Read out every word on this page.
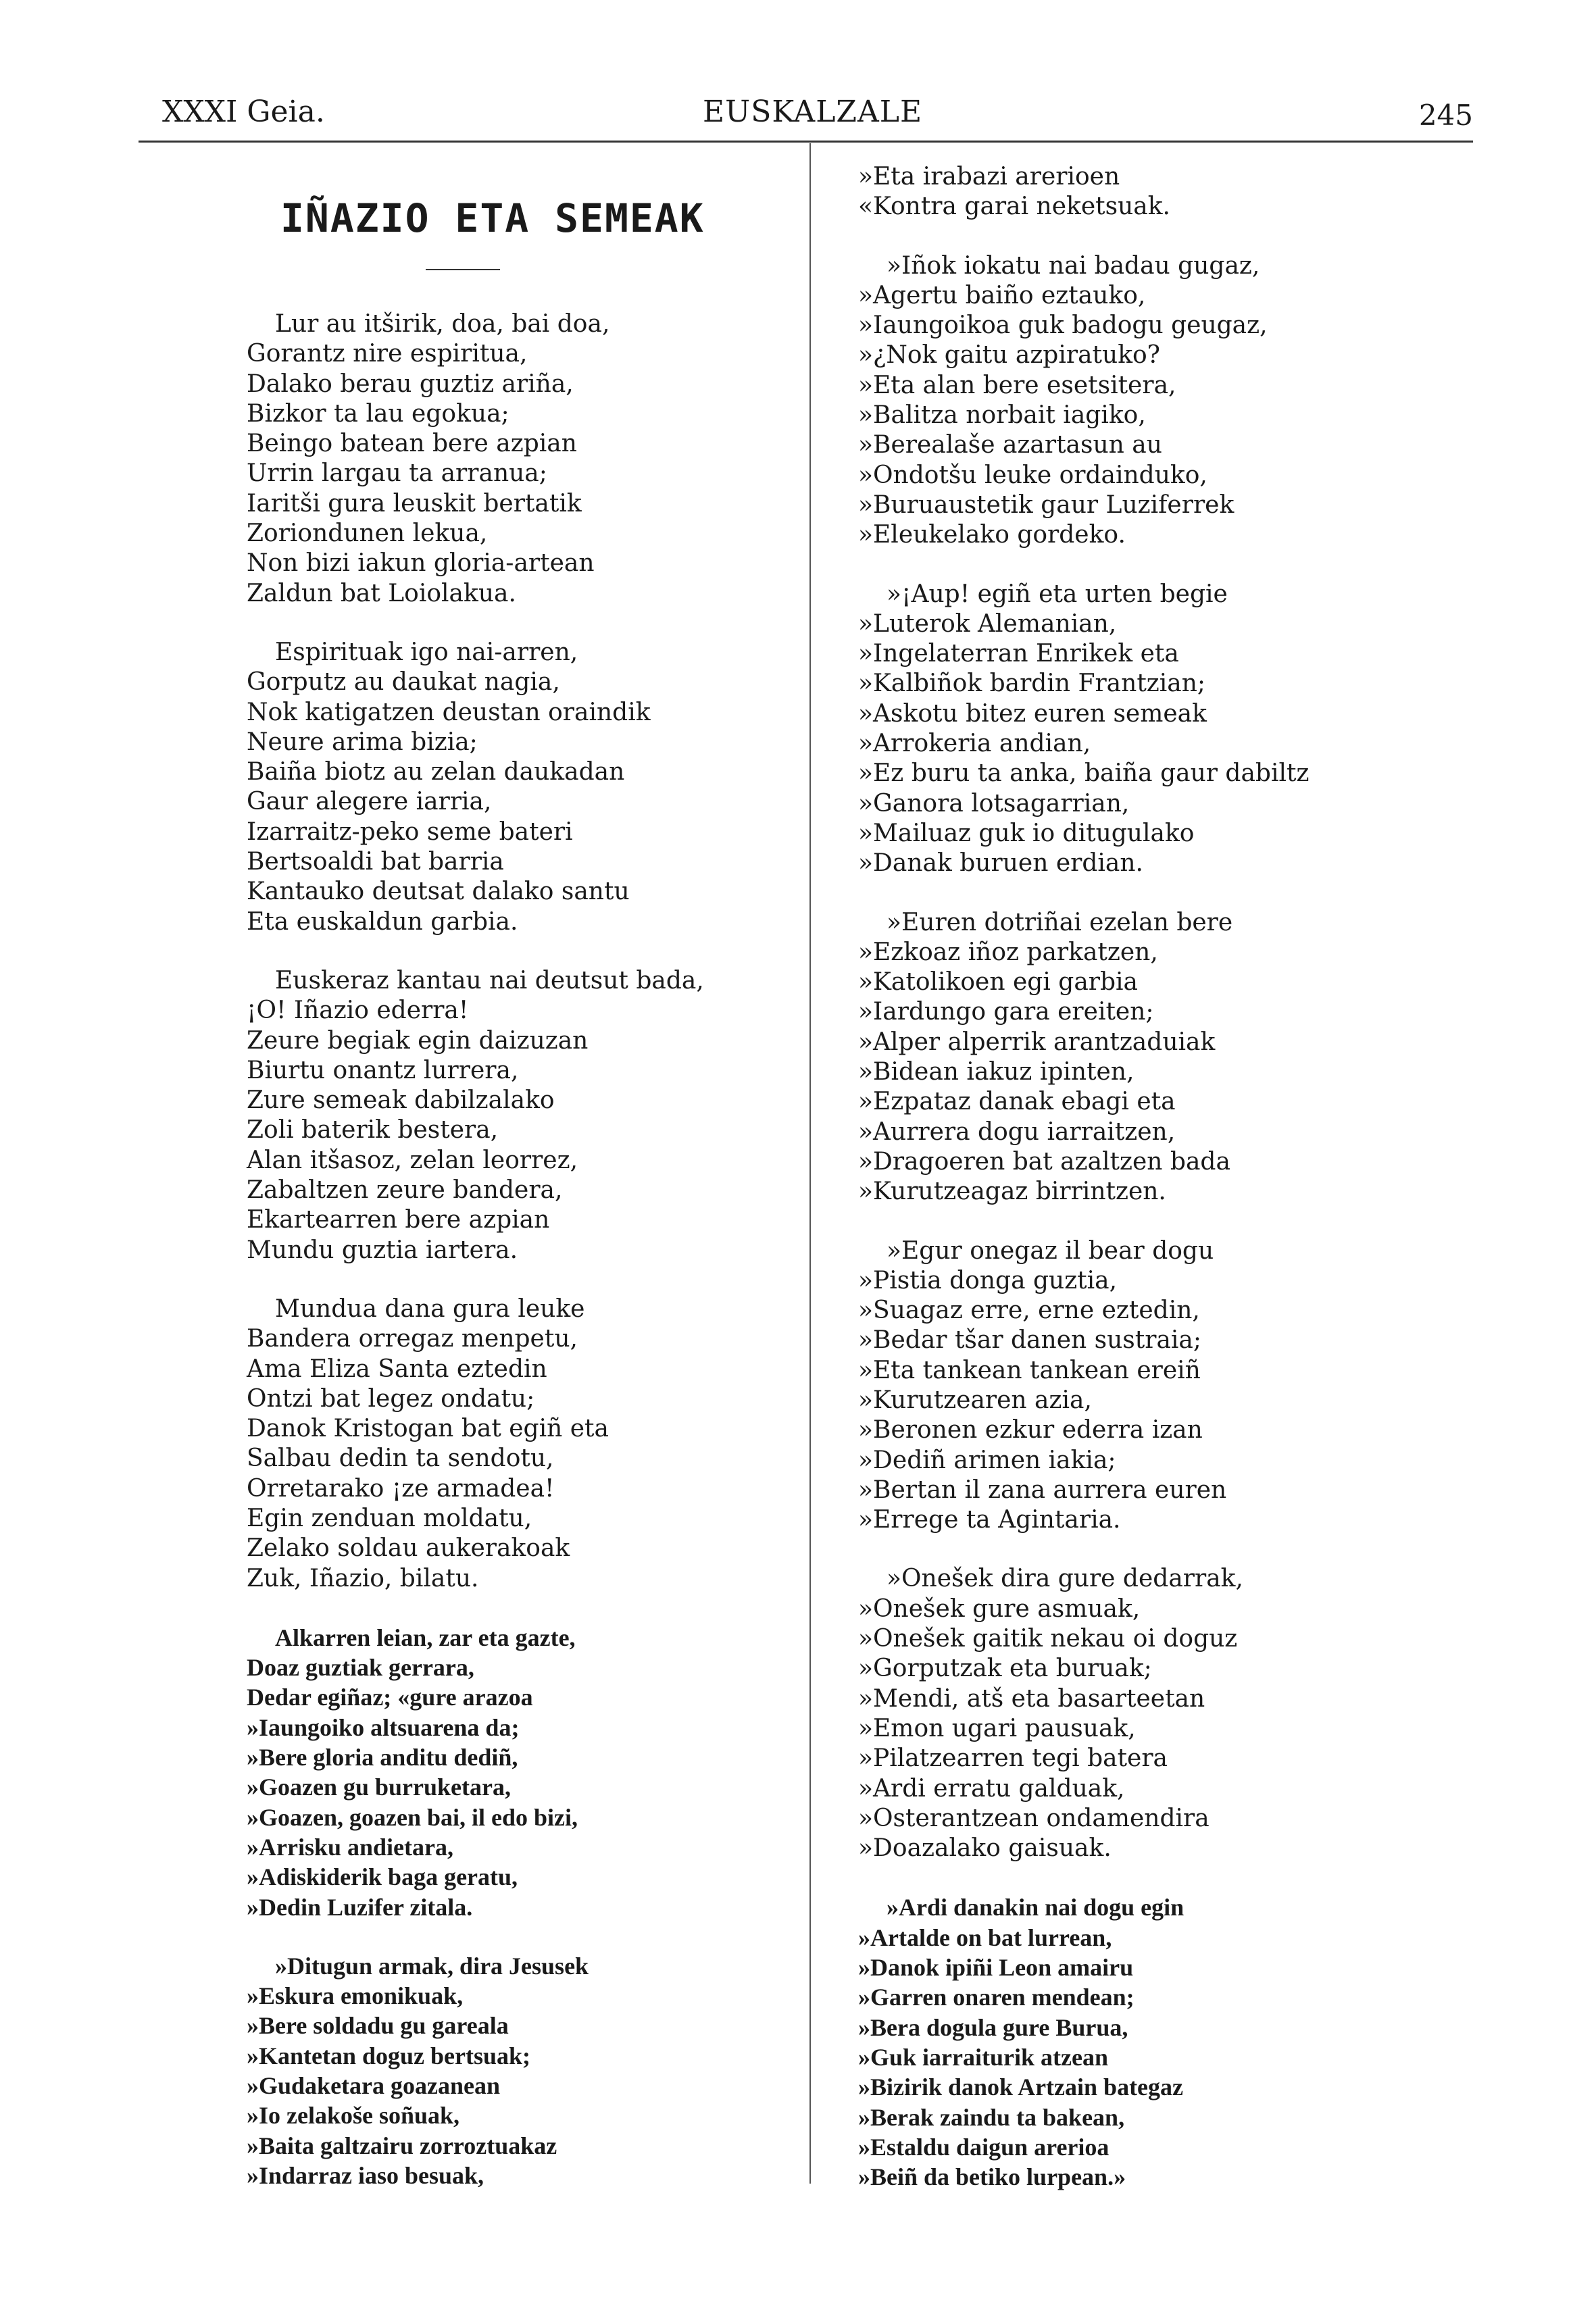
XXXI Geia.	EUSKALZALE	245
IÑAZIO ETA SEMEAK
Lur au itširik, doa, bai doa,
Gorantz nire espiritua,
Dalako berau guztiz ariña,
Bizkor ta lau egokua;
Beingo batean bere azpian
Urrin largau ta arranua;
Iaritši gura leuskit bertatik
Zoriondunen lekua,
Non bizi iakun gloria-artean
Zaldun bat Loiolakua.
Espirituak igo nai-arren,
Gorputz au daukat nagia,
Nok katigatzen deustan oraindik
Neure arima bizia;
Baiña biotz au zelan daukadan
Gaur alegere iarria,
Izarraitz-peko seme bateri
Bertsoaldi bat barria
Kantauko deutsat dalako santu
Eta euskaldun garbia.
Euskeraz kantau nai deutsut bada,
¡O! Iñazio ederra!
Zeure begiak egin daizuzan
Biurtu onantz lurrera,
Zure semeak dabilzalako
Zoli baterik bestera,
Alan itšasoz, zelan leorrez,
Zabaltzen zeure bandera,
Ekartearren bere azpian
Mundu guztia iartera.
Mundua dana gura leuke
Bandera orregaz menpetu,
Ama Eliza Santa eztedin
Ontzi bat legez ondatu;
Danok Kristogan bat egiñ eta
Salbau dedin ta sendotu,
Orretarako ¡ze armadea!
Egin zenduan moldatu,
Zelako soldau aukerakoak
Zuk, Iñazio, bilatu.
Alkarren leian, zar eta gazte,
Doaz guztiak gerrara,
Dedar egiñaz; «gure arazoa
»Iaungoiko altsuarena da;
»Bere gloria anditu dediñ,
»Goazen gu burruketara,
»Goazen, goazen bai, il edo bizi,
»Arrisku andietara,
»Adiskiderik baga geratu,
»Dedin Luzifer zitala.
»Ditugun armak, dira Jesusek
»Eskura emonikuak,
»Bere soldadu gu gareala
»Kantetan doguz bertsuak;
»Gudaketara goazanean
»Io zelakoše soñuak,
»Baita galtzairu zorroztuakaz
»Indarraz iaso besuak,
»Eta irabazi arerioen
«Kontra garai neketsuak.
»Iñok iokatu nai badau gugaz,
»Agertu baiño eztauko,
»Iaungoikoa guk badogu geugaz,
»¿Nok gaitu azpiratuko?
»Eta alan bere esetsitera,
»Balitza norbait iagiko,
»Berealaše azartasun au
»Ondotšu leuke ordainduko,
»Buruaustetik gaur Luziferrek
»Eleukelako gordeko.
»¡Aup! egiñ eta urten begie
»Luterok Alemanian,
»Ingelaterran Enrikek eta
»Kalbiñok bardin Frantzian;
»Askotu bitez euren semeak
»Arrokeria andian,
»Ez buru ta anka, baiña gaur dabiltz
»Ganora lotsagarrian,
»Mailuaz guk io ditugulako
»Danak buruen erdian.
»Euren dotriñai ezelan bere
»Ezkoaz iñoz parkatzen,
»Katolikoen egi garbia
»Iardungo gara ereiten;
»Alper alperrik arantzaduiak
»Bidean iakuz ipinten,
»Ezpataz danak ebagi eta
»Aurrera dogu iarraitzen,
»Dragoeren bat azaltzen bada
»Kurutzeagaz birrintzen.
»Egur onegaz il bear dogu
»Pistia donga guztia,
»Suagaz erre, erne eztedin,
»Bedar tšar danen sustraia;
»Eta tankean tankean ereiñ
»Kurutzearen azia,
»Beronen ezkur ederra izan
»Dediñ arimen iakia;
»Bertan il zana aurrera euren
»Errege ta Agintaria.
»Onešek dira gure dedarrak,
»Onešek gure asmuak,
»Onešek gaitik nekau oi doguz
»Gorputzak eta buruak;
»Mendi, atš eta basarteetan
»Emon ugari pausuak,
»Pilatzearren tegi batera
»Ardi erratu galduak,
»Osterantzean ondamendira
»Doazalako gaisuak.
»Ardi danakin nai dogu egin
»Artalde on bat lurrean,
»Danok ipiñi Leon amairu
»Garren onaren mendean;
»Bera dogula gure Burua,
»Guk iarraiturik atzean
»Bizirik danok Artzain bategaz
»Berak zaindu ta bakean,
»Estaldu daigun arerioa
»Beiñ da betiko lurpean.»
